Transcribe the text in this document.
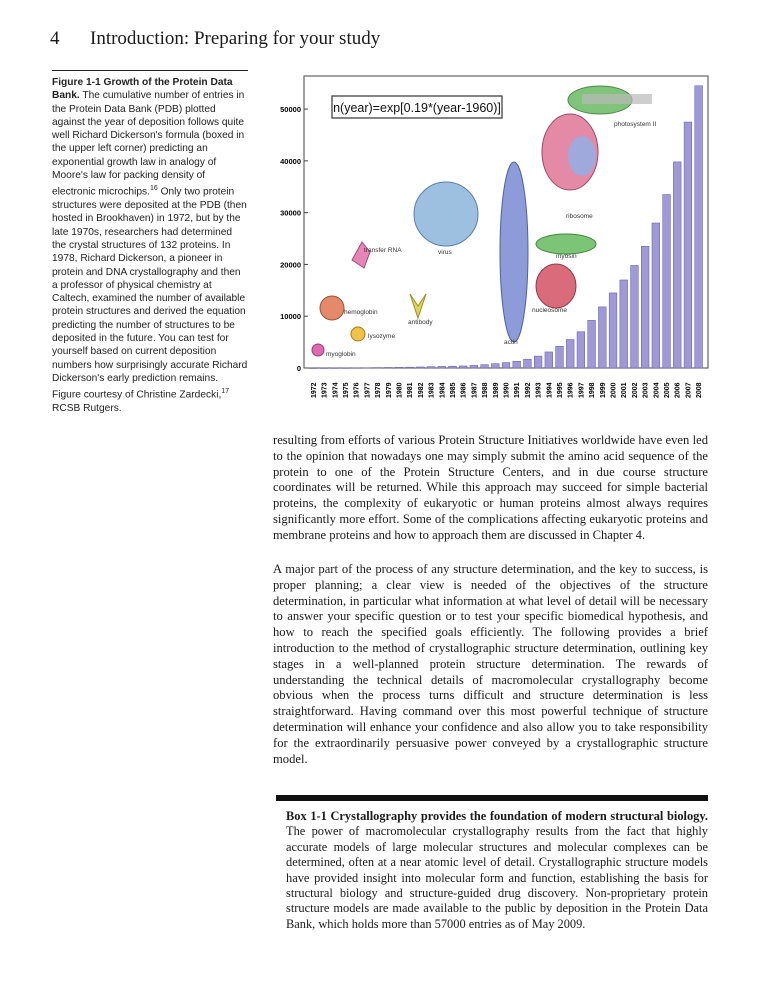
4 Introduction: Preparing for your study
Figure 1-1 Growth of the Protein Data Bank. The cumulative number of entries in the Protein Data Bank (PDB) plotted against the year of deposition follows quite well Richard Dickerson's formula (boxed in the upper left corner) predicting an exponential growth law in analogy of Moore's law for packing density of electronic microchips.$^{16}$ Only two protein structures were deposited at the PDB (then hosted in Brookhaven) in 1972, but by the late 1970s, researchers had determined the crystal structures of 132 proteins. In 1978, Richard Dickerson, a pioneer in protein and DNA crystallography and then a professor of physical chemistry at Caltech, examined the number of available protein structures and derived the equation predicting the number of structures to be deposited in the future. You can test for yourself based on current deposition numbers how surprisingly accurate Richard Dickerson's early prediction remains. Figure courtesy of Christine Zardecki,$^{17}$ RCSB Rutgers.
0
10000
20000
30000
40000
50000
1972 1973 1974 1975 1976 1977 1978 1979 1980 1981 1982 1983 1984 1985 1986 1987 1988 1989 1990 1991 1992 1993 1994 1995 1996 1997 1998 1999 2000 2001 2002 2003 2004 2005 2006 2007 2008
n(year)=exp[0.19*(year-1960)]
photosystem II
ribosome
myosin
nucleosome
actin
virus
transfer RNA
antibody
hemoglobin
lysozyme
myoglobin
resulting from efforts of various Protein Structure Initiatives worldwide have even led to the opinion that nowadays one may simply submit the amino acid sequence of the protein to one of the Protein Structure Centers, and in due course structure coordinates will be returned. While this approach may succeed for simple bacterial proteins, the complexity of eukaryotic or human proteins almost always requires significantly more effort. Some of the complications affecting eukaryotic proteins and membrane proteins and how to approach them are discussed in Chapter 4.
A major part of the process of any structure determination, and the key to success, is proper planning; a clear view is needed of the objectives of the structure determination, in particular what information at what level of detail will be necessary to answer your specific question or to test your specific biomedical hypothesis, and how to reach the specified goals efficiently. The following provides a brief introduction to the method of crystallographic structure determination, outlining key stages in a well-planned protein structure determination. The rewards of understanding the technical details of macromolecular crystallography become obvious when the process turns difficult and structure determination is less straightforward. Having command over this most powerful technique of structure determination will enhance your confidence and also allow you to take responsibility for the extraordinarily persuasive power conveyed by a crystallographic structure model.
Box 1-1 Crystallography provides the foundation of modern structural biology. The power of macromolecular crystallography results from the fact that highly accurate models of large molecular structures and molecular complexes can be determined, often at a near atomic level of detail. Crystallographic structure models have provided insight into molecular form and function, establishing the basis for structural biology and structure-guided drug discovery. Non-proprietary protein structure models are made available to the public by deposition in the Protein Data Bank, which holds more than 57000 entries as of May 2009.
